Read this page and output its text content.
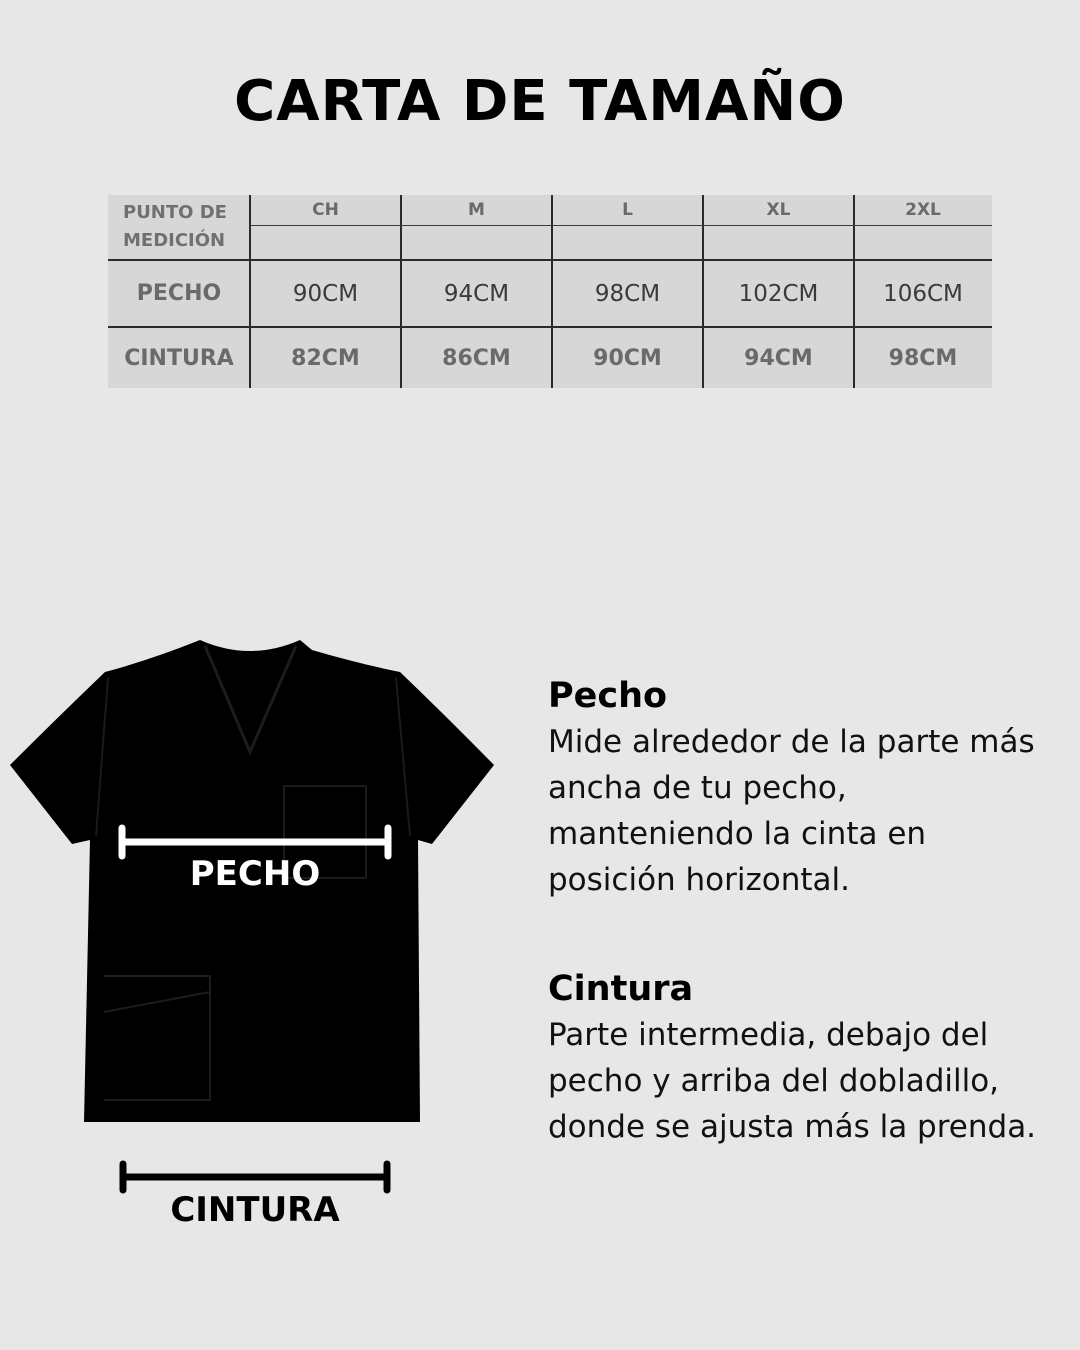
CARTA DE TAMAÑO
PUNTO DE
MEDICIÓN
CH	M	L	XL	2XL
PECHO	90CM	94CM	98CM	102CM	106CM
CINTURA	82CM	86CM	90CM	94CM	98CM
PECHO
CINTURA
Pecho

Mide alrededor de la parte más ancha de tu pecho, manteniendo la cinta en posición horizontal.

Cintura

Parte intermedia, debajo del pecho y arriba del dobladillo, donde se ajusta más la prenda.
